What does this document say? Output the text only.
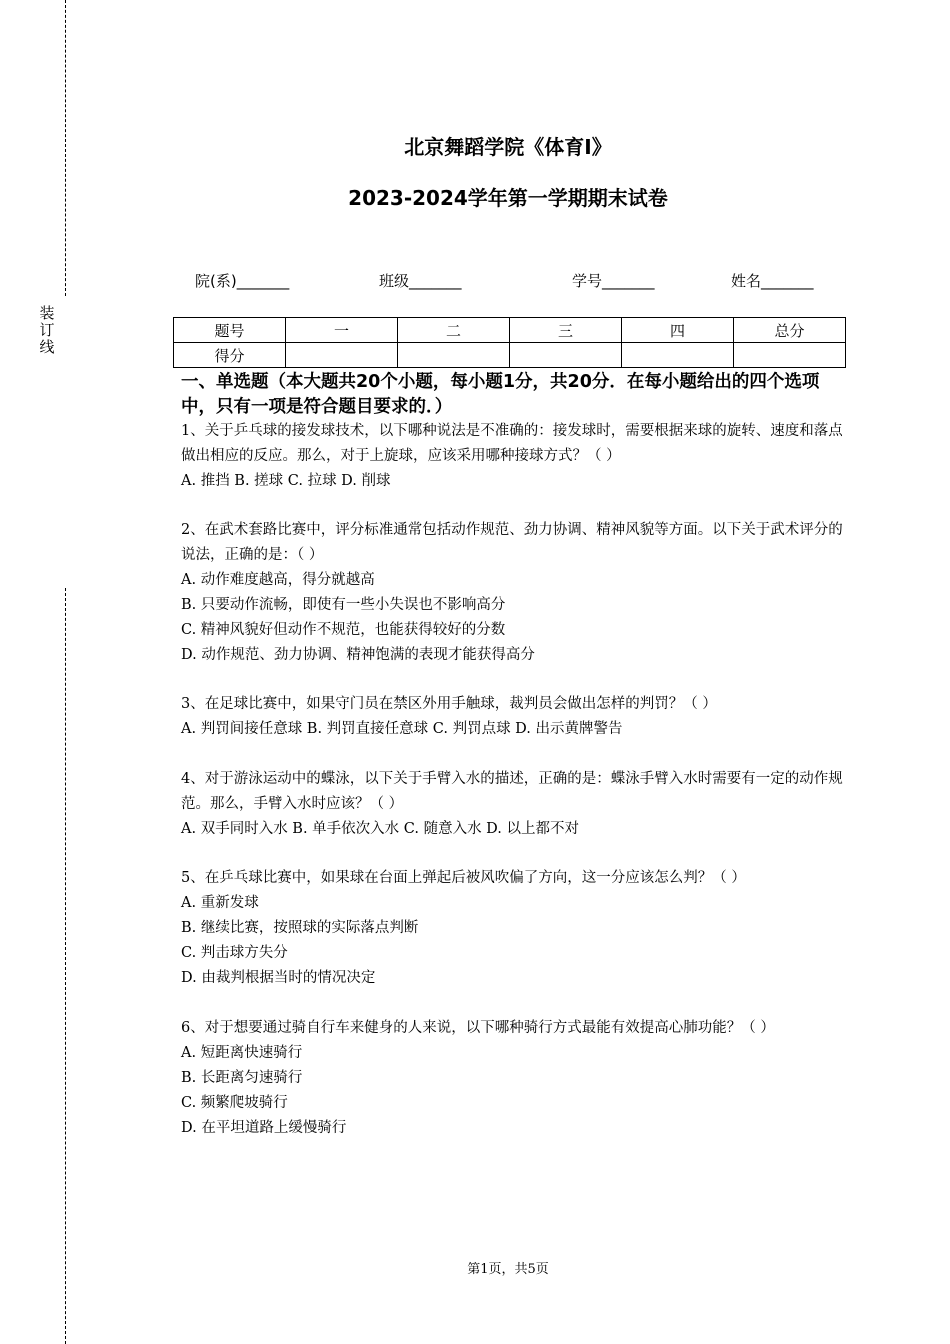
装
订
线
北京舞蹈学院《体育Ⅰ》
2023-2024学年第一学期期末试卷
院(系)_______	班级_______	学号_______	姓名_______
题号	一	二	三	四	总分
得分					
一、单选题（本大题共20个小题，每小题1分，共20分．在每小题给出的四个选项中，只有一项是符合题目要求的．）

1、关于乒乓球的接发球技术，以下哪种说法是不准确的：接发球时，需要根据来球的旋转、速度和落点做出相应的反应。那么，对于上旋球，应该采用哪种接球方式？（ ）

A. 推挡 B. 搓球 C. 拉球 D. 削球

2、在武术套路比赛中，评分标准通常包括动作规范、劲力协调、精神风貌等方面。以下关于武术评分的说法，正确的是：（ ）

A. 动作难度越高，得分就越高

B. 只要动作流畅，即使有一些小失误也不影响高分

C. 精神风貌好但动作不规范，也能获得较好的分数

D. 动作规范、劲力协调、精神饱满的表现才能获得高分

3、在足球比赛中，如果守门员在禁区外用手触球，裁判员会做出怎样的判罚？（ ）

A. 判罚间接任意球 B. 判罚直接任意球 C. 判罚点球 D. 出示黄牌警告

4、对于游泳运动中的蝶泳，以下关于手臂入水的描述，正确的是：蝶泳手臂入水时需要有一定的动作规范。那么，手臂入水时应该？（ ）

A. 双手同时入水 B. 单手依次入水 C. 随意入水 D. 以上都不对

5、在乒乓球比赛中，如果球在台面上弹起后被风吹偏了方向，这一分应该怎么判？（ ）

A. 重新发球

B. 继续比赛，按照球的实际落点判断

C. 判击球方失分

D. 由裁判根据当时的情况决定

6、对于想要通过骑自行车来健身的人来说，以下哪种骑行方式最能有效提高心肺功能？（ ）

A. 短距离快速骑行

B. 长距离匀速骑行

C. 频繁爬坡骑行

D. 在平坦道路上缓慢骑行

第1页，共5页
